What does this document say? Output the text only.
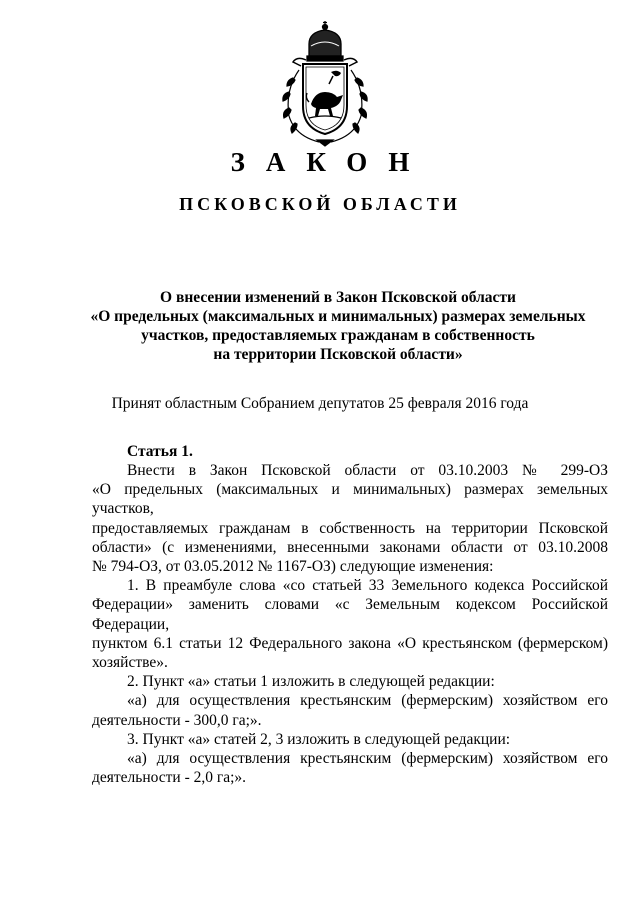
ЗАКОН
ПСКОВСКОЙ ОБЛАСТИ
О внесении изменений в Закон Псковской области
«О предельных (максимальных и минимальных) размерах земельных
участков, предоставляемых гражданам в собственность
на территории Псковской области»
Принят областным Собранием депутатов 25 февраля 2016 года
Статья 1.
Внести в Закон Псковской области от 03.10.2003 № 299-ОЗ
«О предельных (максимальных и минимальных) размерах земельных участков,
предоставляемых гражданам в собственность на территории Псковской
области» (с изменениями, внесенными законами области от 03.10.2008
№ 794-ОЗ, от 03.05.2012 № 1167-ОЗ) следующие изменения:
1. В преамбуле слова «со статьей 33 Земельного кодекса Российской
Федерации» заменить словами «с Земельным кодексом Российской Федерации,
пунктом 6.1 статьи 12 Федерального закона «О крестьянском (фермерском)
хозяйстве».
2. Пункт «а» статьи 1 изложить в следующей редакции:
«а) для осуществления крестьянским (фермерским) хозяйством его
деятельности - 300,0 га;».
3. Пункт «а» статей 2, 3 изложить в следующей редакции:
«а) для осуществления крестьянским (фермерским) хозяйством его
деятельности - 2,0 га;».
